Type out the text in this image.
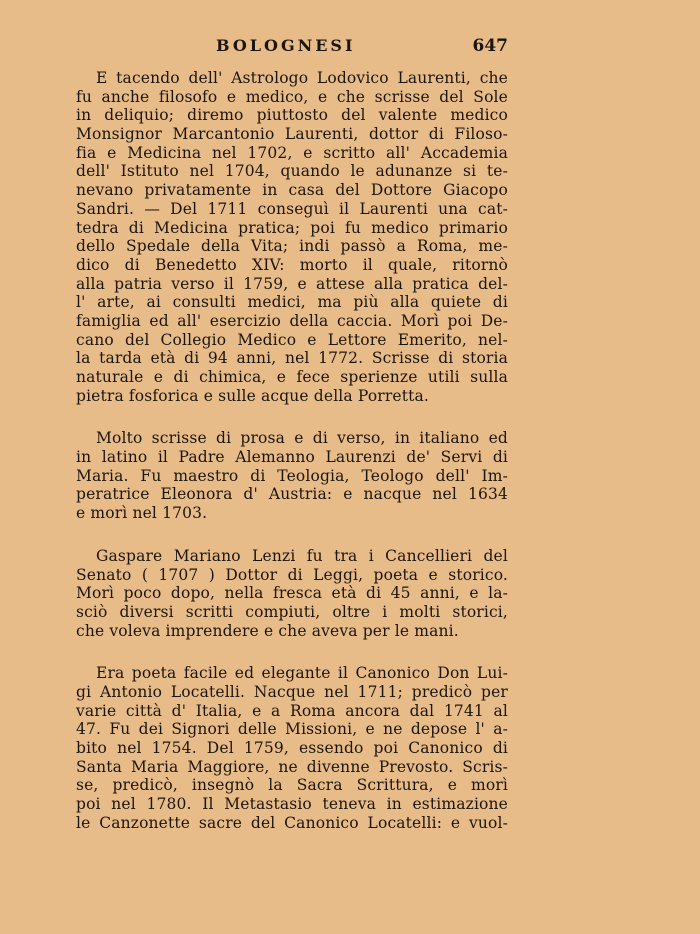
BOLOGNESI	647
E tacendo dell' Astrologo Lodovico Laurenti, che
fu anche filosofo e medico, e che scrisse del Sole
in deliquio; diremo piuttosto del valente medico
Monsignor Marcantonio Laurenti, dottor di Filoso-
fia e Medicina nel 1702, e scritto all' Accademia
dell' Istituto nel 1704, quando le adunanze si te-
nevano privatamente in casa del Dottore Giacopo
Sandri. — Del 1711 conseguì il Laurenti una cat-
tedra di Medicina pratica; poi fu medico primario
dello Spedale della Vita; indi passò a Roma, me-
dico di Benedetto XIV: morto il quale, ritornò
alla patria verso il 1759, e attese alla pratica del-
l' arte, ai consulti medici, ma più alla quiete di
famiglia ed all' esercizio della caccia. Morì poi De-
cano del Collegio Medico e Lettore Emerito, nel-
la tarda età di 94 anni, nel 1772. Scrisse di storia
naturale e di chimica, e fece sperienze utili sulla
pietra fosforica e sulle acque della Porretta.
Molto scrisse di prosa e di verso, in italiano ed
in latino il Padre Alemanno Laurenzi de' Servi di
Maria. Fu maestro di Teologia, Teologo dell' Im-
peratrice Eleonora d' Austria: e nacque nel 1634
e morì nel 1703.
Gaspare Mariano Lenzi fu tra i Cancellieri del
Senato ( 1707 ) Dottor di Leggi, poeta e storico.
Morì poco dopo, nella fresca età di 45 anni, e la-
sciò diversi scritti compiuti, oltre i molti storici,
che voleva imprendere e che aveva per le mani.
Era poeta facile ed elegante il Canonico Don Lui-
gi Antonio Locatelli. Nacque nel 1711; predicò per
varie città d' Italia, e a Roma ancora dal 1741 al
47. Fu dei Signori delle Missioni, e ne depose l' a-
bito nel 1754. Del 1759, essendo poi Canonico di
Santa Maria Maggiore, ne divenne Prevosto. Scris-
se, predicò, insegnò la Sacra Scrittura, e morì
poi nel 1780. Il Metastasio teneva in estimazione
le Canzonette sacre del Canonico Locatelli: e vuol-
